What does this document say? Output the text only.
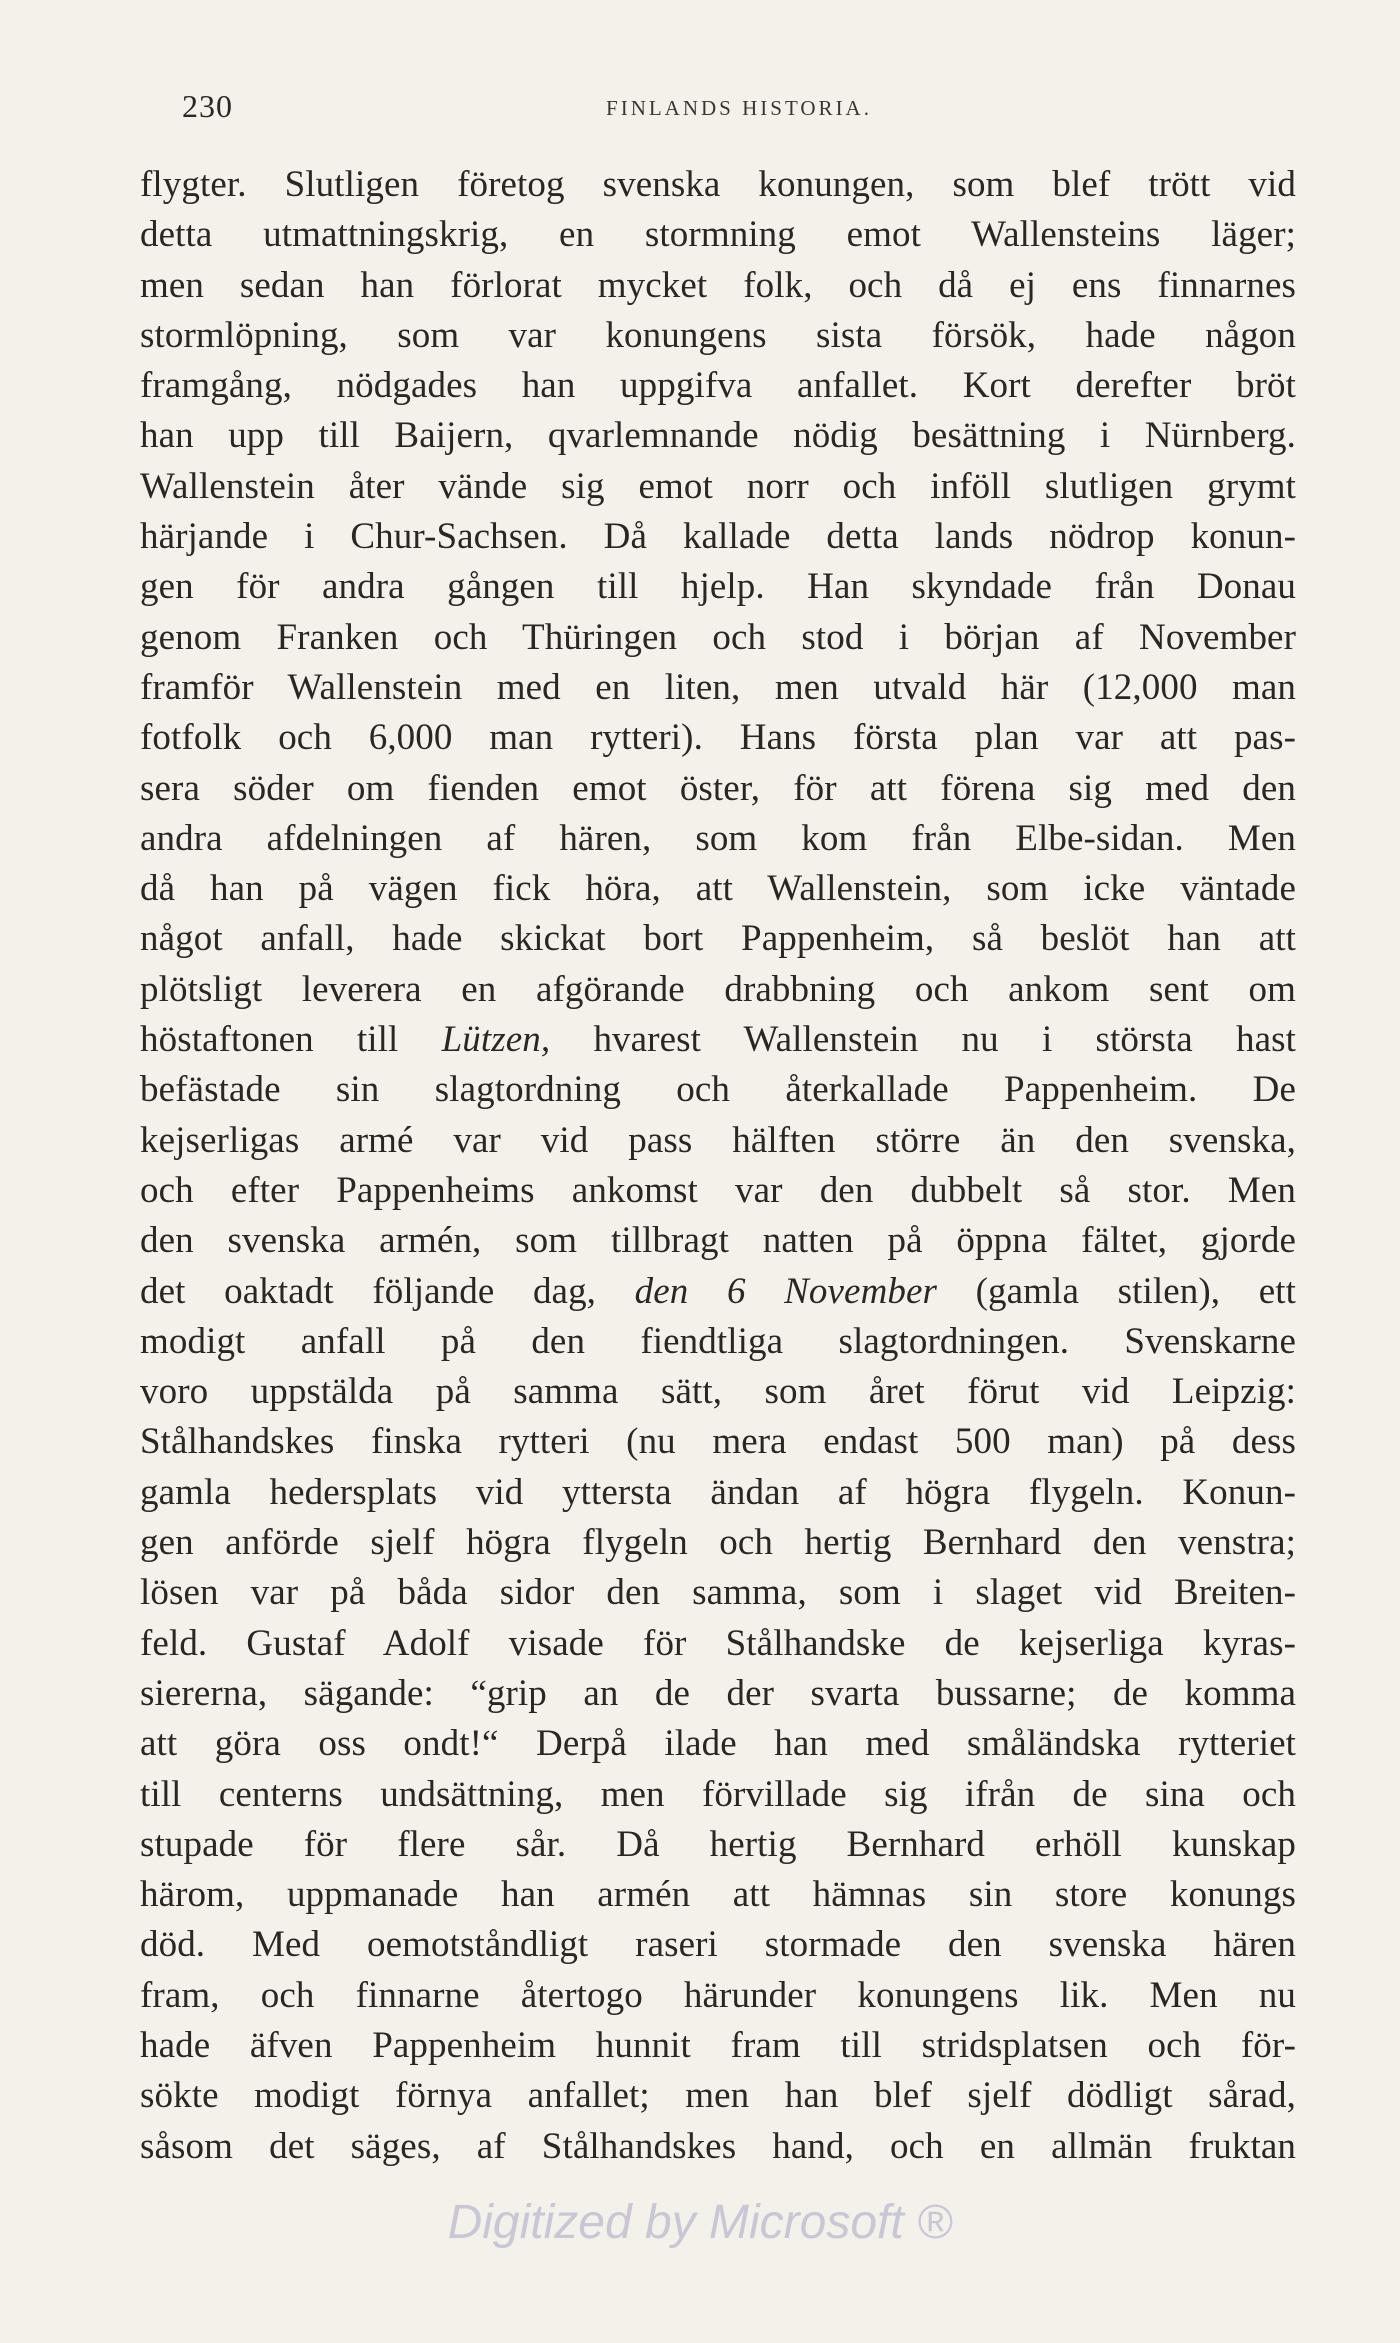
230	FINLANDS HISTORIA.
flygter. Slutligen företog svenska konungen, som blef trött vid
detta utmattningskrig, en stormning emot Wallensteins läger;
men sedan han förlorat mycket folk, och då ej ens finnarnes
stormlöpning, som var konungens sista försök, hade någon
framgång, nödgades han uppgifva anfallet. Kort derefter bröt
han upp till Baijern, qvarlemnande nödig besättning i Nürnberg.
Wallenstein åter vände sig emot norr och inföll slutligen grymt
härjande i Chur-Sachsen. Då kallade detta lands nödrop konun-
gen för andra gången till hjelp. Han skyndade från Donau
genom Franken och Thüringen och stod i början af November
framför Wallenstein med en liten, men utvald här (12,000 man
fotfolk och 6,000 man rytteri). Hans första plan var att pas-
sera söder om fienden emot öster, för att förena sig med den
andra afdelningen af hären, som kom från Elbe-sidan. Men
då han på vägen fick höra, att Wallenstein, som icke väntade
något anfall, hade skickat bort Pappenheim, så beslöt han att
plötsligt leverera en afgörande drabbning och ankom sent om
höstaftonen till Lützen, hvarest Wallenstein nu i största hast
befästade sin slagtordning och återkallade Pappenheim. De
kejserligas armé var vid pass hälften större än den svenska,
och efter Pappenheims ankomst var den dubbelt så stor. Men
den svenska armén, som tillbragt natten på öppna fältet, gjorde
det oaktadt följande dag, den 6 November (gamla stilen), ett
modigt anfall på den fiendtliga slagtordningen. Svenskarne
voro uppstälda på samma sätt, som året förut vid Leipzig:
Stålhandskes finska rytteri (nu mera endast 500 man) på dess
gamla hedersplats vid yttersta ändan af högra flygeln. Konun-
gen anförde sjelf högra flygeln och hertig Bernhard den venstra;
lösen var på båda sidor den samma, som i slaget vid Breiten-
feld. Gustaf Adolf visade för Stålhandske de kejserliga kyras-
siererna, sägande: “grip an de der svarta bussarne; de komma
att göra oss ondt!“ Derpå ilade han med småländska rytteriet
till centerns undsättning, men förvillade sig ifrån de sina och
stupade för flere sår. Då hertig Bernhard erhöll kunskap
härom, uppmanade han armén att hämnas sin store konungs
död. Med oemotståndligt raseri stormade den svenska hären
fram, och finnarne återtogo härunder konungens lik. Men nu
hade äfven Pappenheim hunnit fram till stridsplatsen och för-
sökte modigt förnya anfallet; men han blef sjelf dödligt sårad,
såsom det säges, af Stålhandskes hand, och en allmän fruktan
Digitized by Microsoft ®
